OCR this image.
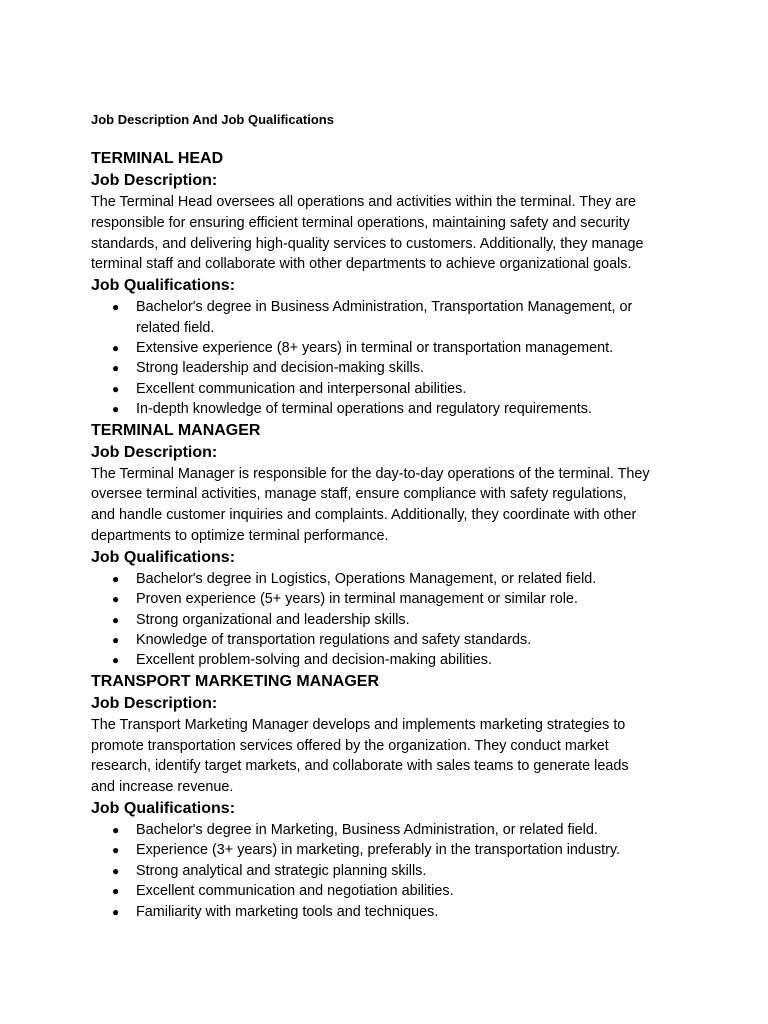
Job Description And Job Qualifications
TERMINAL HEAD
Job Description:

The Terminal Head oversees all operations and activities within the terminal. They are
responsible for ensuring efficient terminal operations, maintaining safety and security
standards, and delivering high-quality services to customers. Additionally, they manage
terminal staff and collaborate with other departments to achieve organizational goals.

Job Qualifications:
● Bachelor's degree in Business Administration, Transportation Management, or
related field.
● Extensive experience (8+ years) in terminal or transportation management.
● Strong leadership and decision-making skills.
● Excellent communication and interpersonal abilities.
● In-depth knowledge of terminal operations and regulatory requirements.
TERMINAL MANAGER
Job Description:

The Terminal Manager is responsible for the day-to-day operations of the terminal. They
oversee terminal activities, manage staff, ensure compliance with safety regulations,
and handle customer inquiries and complaints. Additionally, they coordinate with other
departments to optimize terminal performance.

Job Qualifications:
● Bachelor's degree in Logistics, Operations Management, or related field.
● Proven experience (5+ years) in terminal management or similar role.
● Strong organizational and leadership skills.
● Knowledge of transportation regulations and safety standards.
● Excellent problem-solving and decision-making abilities.
TRANSPORT MARKETING MANAGER
Job Description:

The Transport Marketing Manager develops and implements marketing strategies to
promote transportation services offered by the organization. They conduct market
research, identify target markets, and collaborate with sales teams to generate leads
and increase revenue.

Job Qualifications:
● Bachelor's degree in Marketing, Business Administration, or related field.
● Experience (3+ years) in marketing, preferably in the transportation industry.
● Strong analytical and strategic planning skills.
● Excellent communication and negotiation abilities.
● Familiarity with marketing tools and techniques.
